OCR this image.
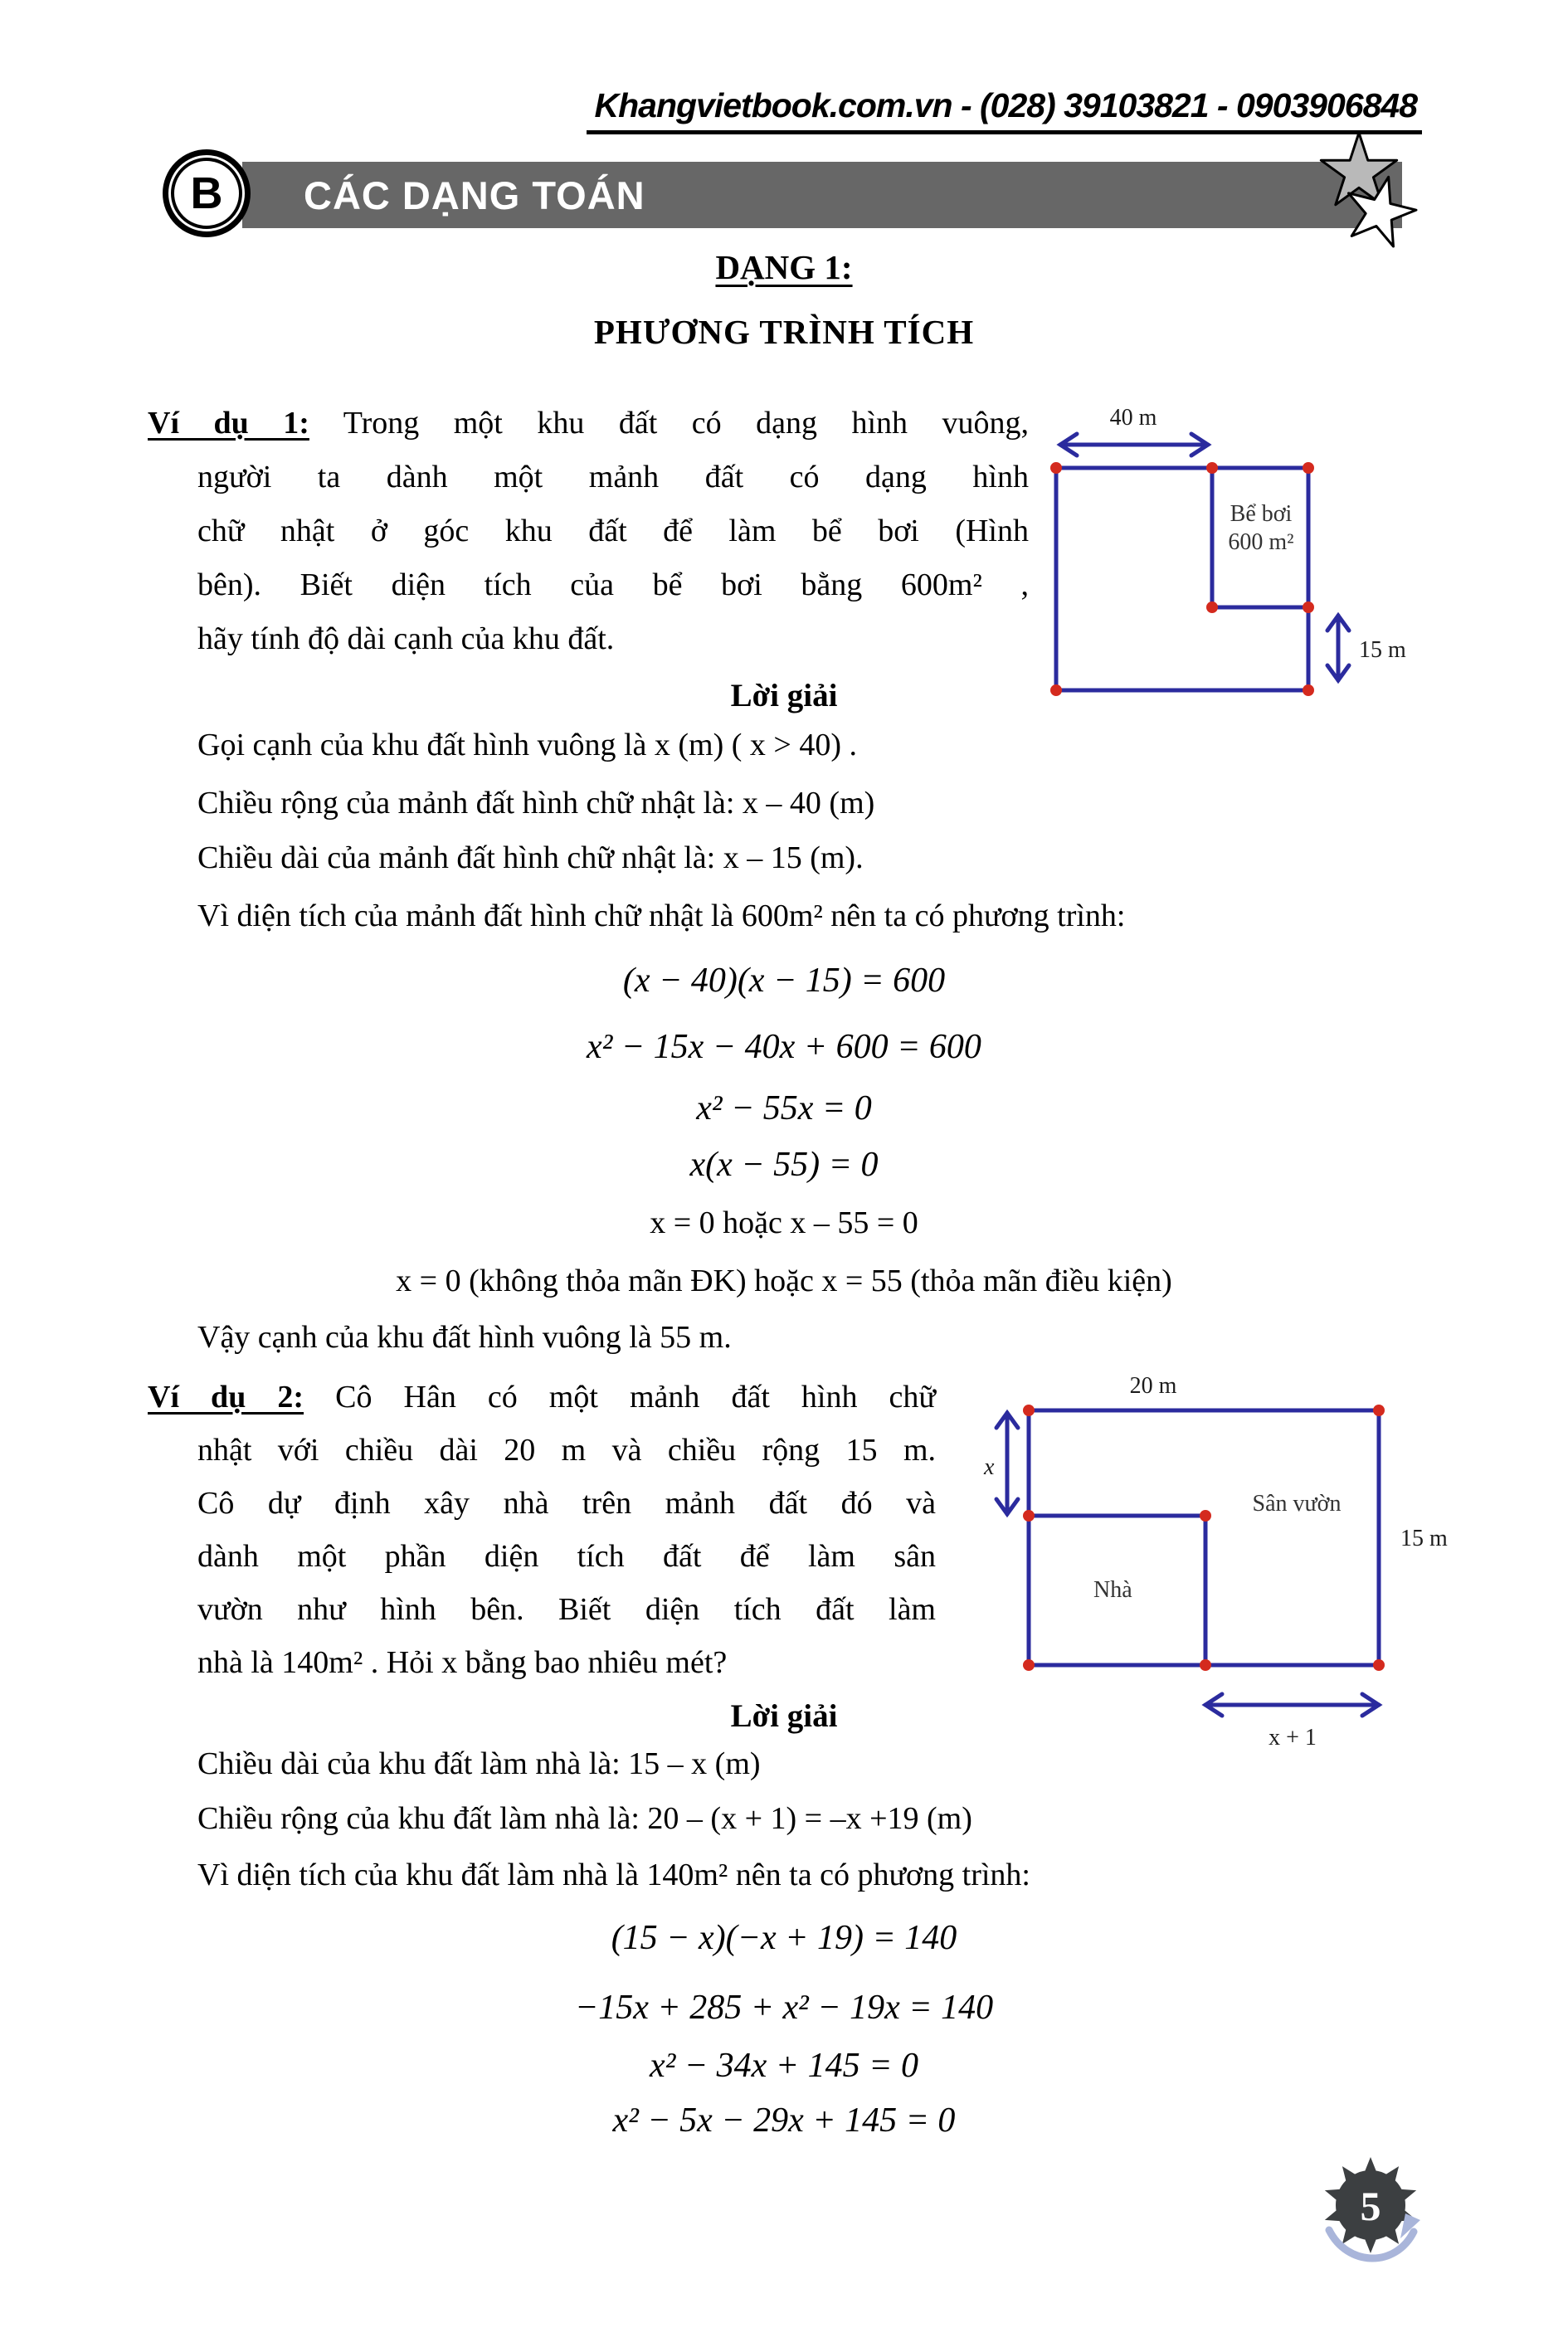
Khangvietbook.com.vn - (028) 39103821 - 0903906848
B	CÁC DẠNG TOÁN
DẠNG 1:
PHƯƠNG TRÌNH TÍCH
Ví dụ 1: Trong một khu đất có dạng hình vuông,
người ta dành một mảnh đất có dạng hình
chữ nhật ở góc khu đất để làm bể bơi (Hình
bên). Biết diện tích của bể bơi bằng 600m² ,
hãy tính độ dài cạnh của khu đất.
40 m
Bể bơi
600 m²
15 m
Lời giải
Gọi cạnh của khu đất hình vuông là x (m) ( x > 40) .
Chiều rộng của mảnh đất hình chữ nhật là: x – 40 (m)
Chiều dài của mảnh đất hình chữ nhật là: x – 15 (m).
Vì diện tích của mảnh đất hình chữ nhật là 600m² nên ta có phương trình:
(x − 40)(x − 15) = 600
x² − 15x − 40x + 600 = 600
x² − 55x = 0
x(x − 55) = 0
x = 0 hoặc x – 55 = 0
x = 0 (không thỏa mãn ĐK) hoặc x = 55 (thỏa mãn điều kiện)
Vậy cạnh của khu đất hình vuông là 55 m.
Ví dụ 2: Cô Hân có một mảnh đất hình chữ
nhật với chiều dài 20 m và chiều rộng 15 m.
Cô dự định xây nhà trên mảnh đất đó và
dành một phần diện tích đất để làm sân
vườn như hình bên. Biết diện tích đất làm
nhà là 140m² . Hỏi x bằng bao nhiêu mét?
20 m
x
Sân vườn
15 m
Nhà
x + 1
Lời giải
Chiều dài của khu đất làm nhà là: 15 – x (m)
Chiều rộng của khu đất làm nhà là: 20 – (x + 1) = –x +19 (m)
Vì diện tích của khu đất làm nhà là 140m² nên ta có phương trình:
(15 − x)(−x + 19) = 140
−15x + 285 + x² − 19x = 140
x² − 34x + 145 = 0
x² − 5x − 29x + 145 = 0
5
